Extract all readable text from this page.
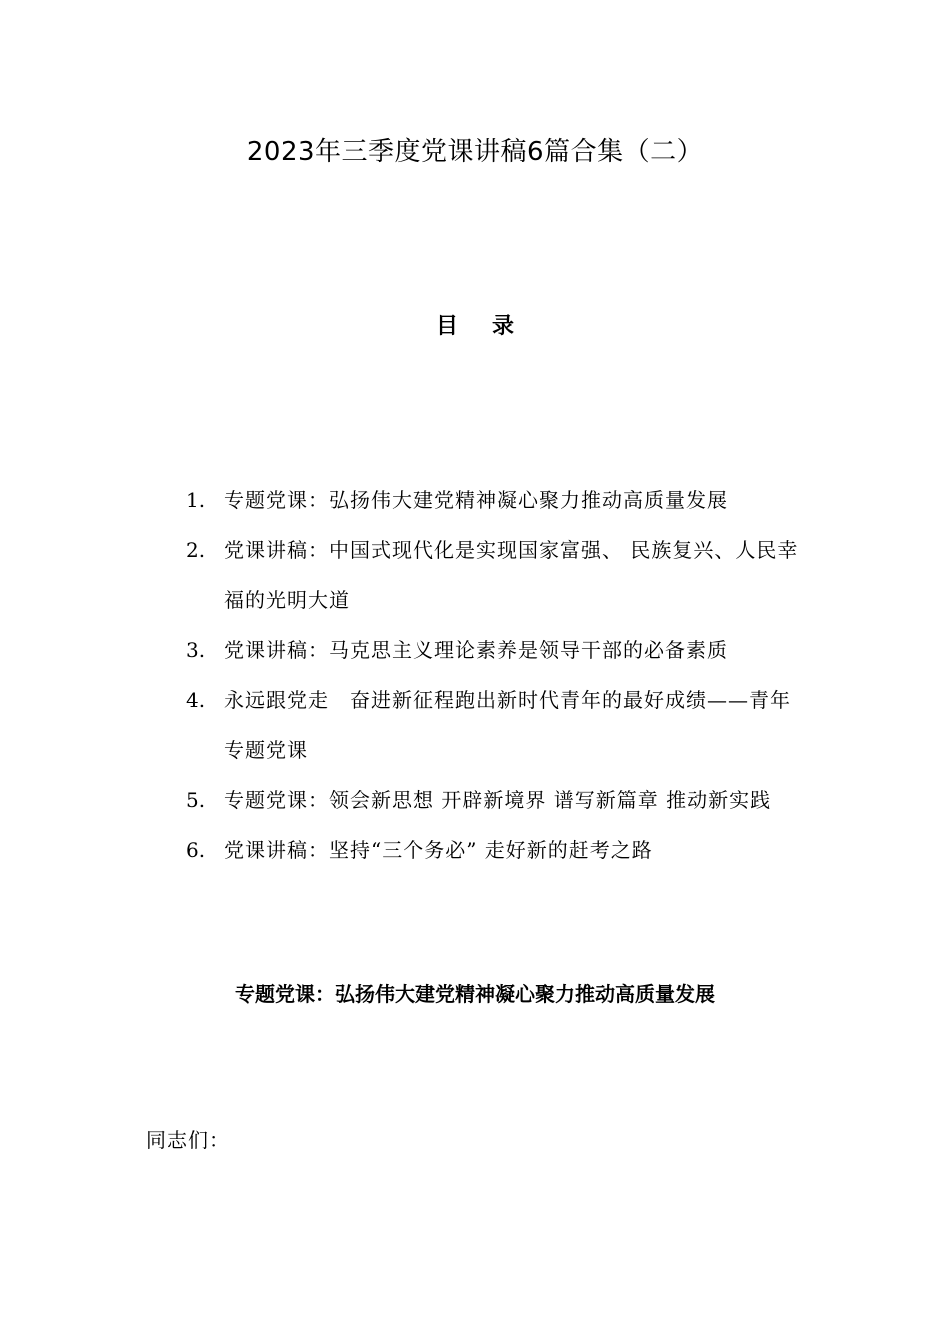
2023年三季度党课讲稿6篇合集（二）
目录
1. 专题党课：弘扬伟大建党精神凝心聚力推动高质量发展
2. 党课讲稿：中国式现代化是实现国家富强、 民族复兴、人民幸福的光明大道
3. 党课讲稿：马克思主义理论素养是领导干部的必备素质
4. 永远跟党走　奋进新征程跑出新时代青年的最好成绩——青年专题党课
5. 专题党课：领会新思想 开辟新境界 谱写新篇章 推动新实践
6. 党课讲稿：坚持“三个务必” 走好新的赶考之路
专题党课：弘扬伟大建党精神凝心聚力推动高质量发展
同志们：
